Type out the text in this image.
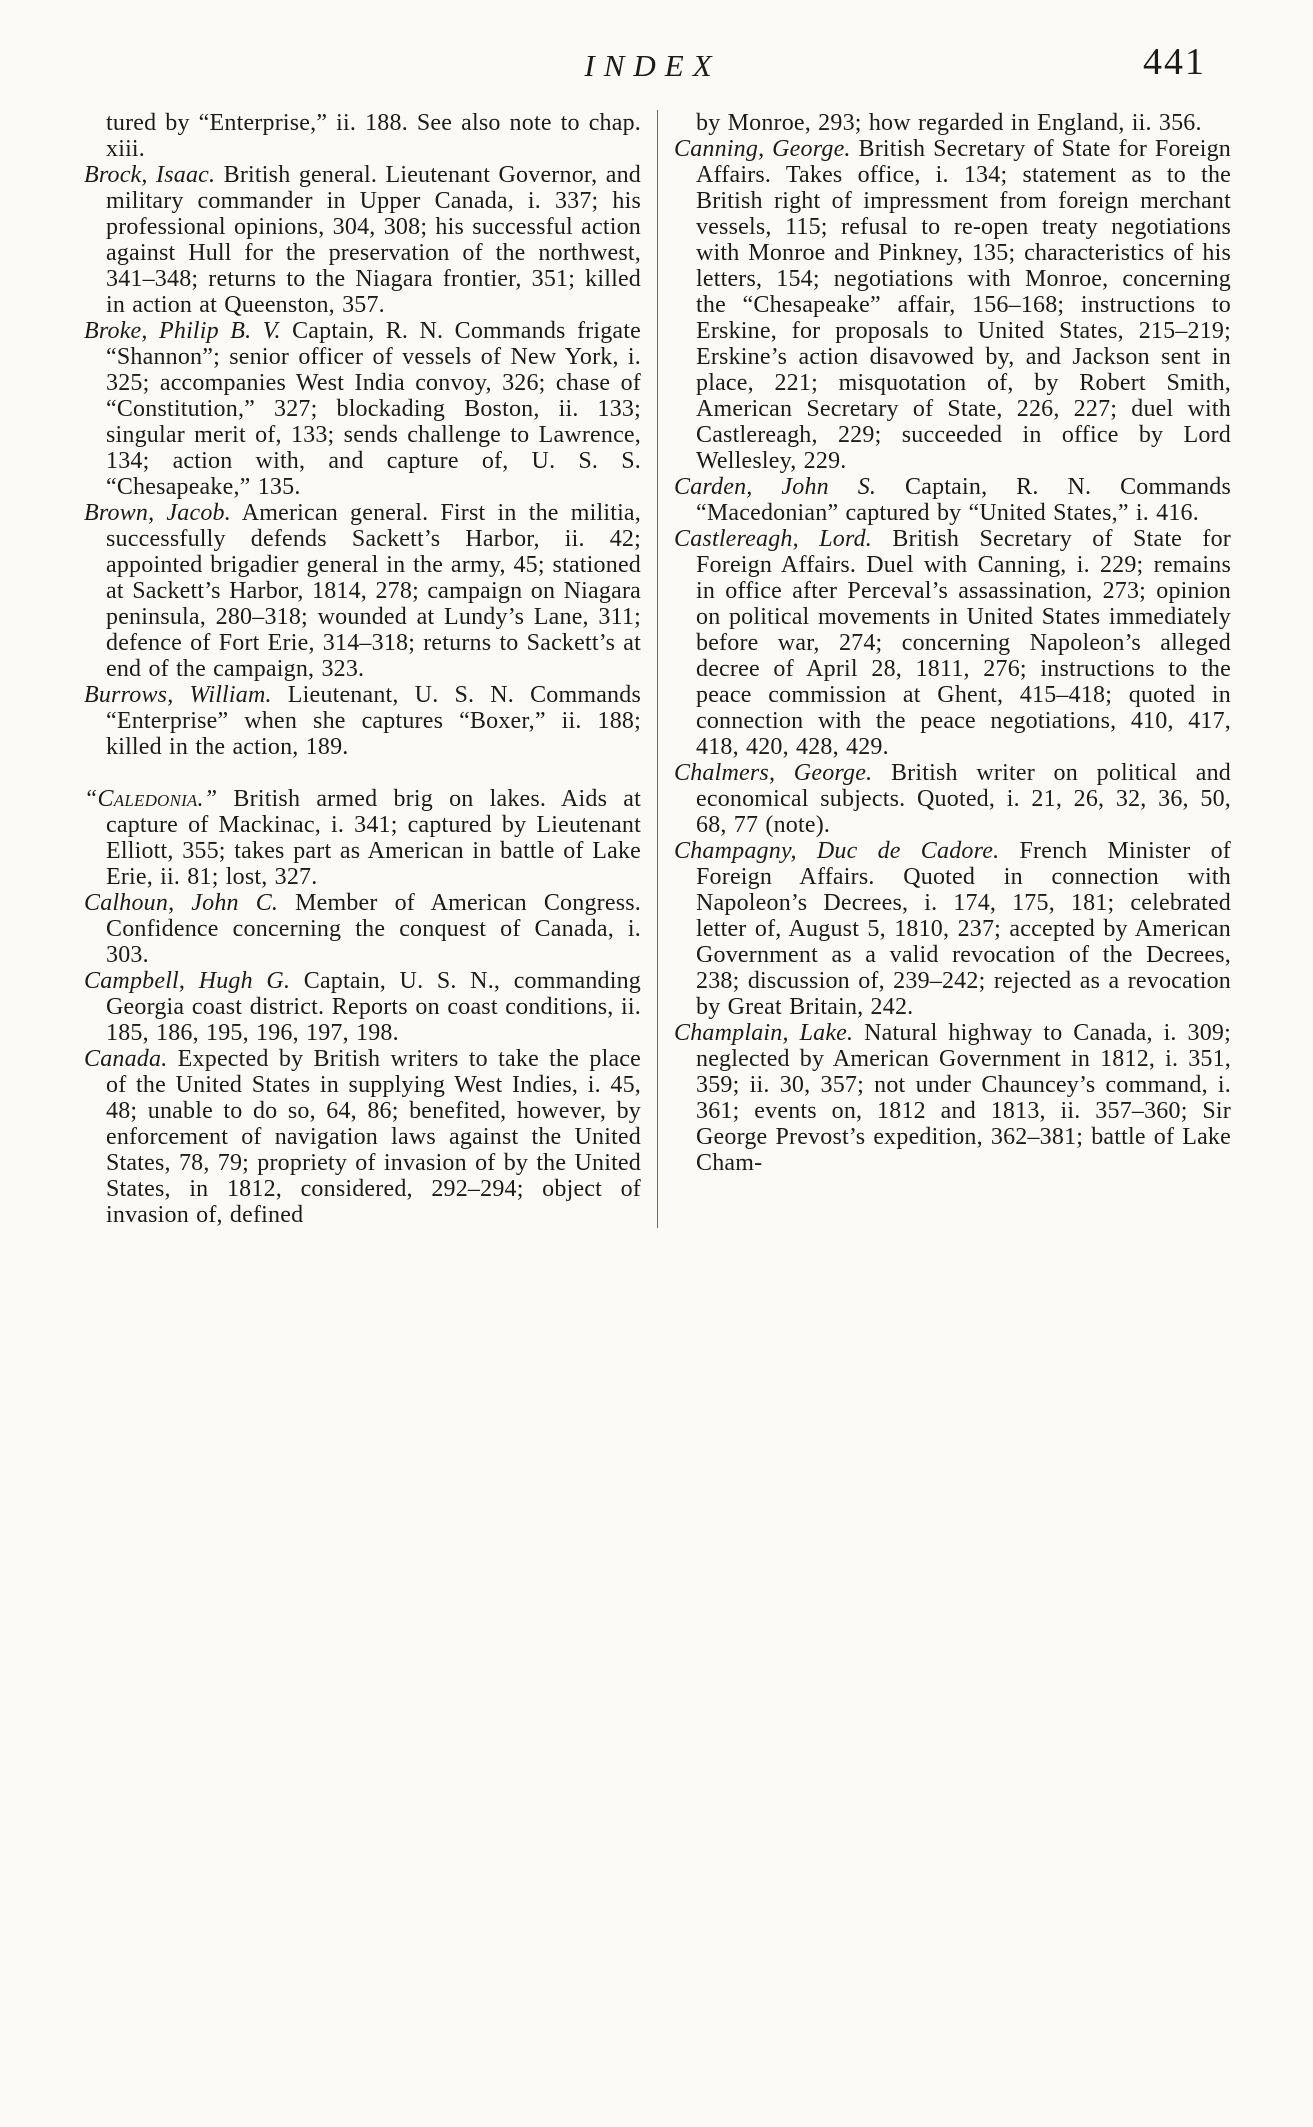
INDEX	441

tured by “Enterprise,” ii. 188. See also note to chap. xiii.

Brock, Isaac. British general. Lieutenant Governor, and military commander in Upper Canada, i. 337; his professional opinions, 304, 308; his successful action against Hull for the preservation of the northwest, 341–348; returns to the Niagara frontier, 351; killed in action at Queenston, 357.

Broke, Philip B. V. Captain, R. N. Commands frigate “Shannon”; senior officer of vessels of New York, i. 325; accompanies West India convoy, 326; chase of “Constitution,” 327; blockading Boston, ii. 133; singular merit of, 133; sends challenge to Lawrence, 134; action with, and capture of, U. S. S. “Chesapeake,” 135.

Brown, Jacob. American general. First in the militia, successfully defends Sackett’s Harbor, ii. 42; appointed brigadier general in the army, 45; stationed at Sackett’s Harbor, 1814, 278; campaign on Niagara peninsula, 280–318; wounded at Lundy’s Lane, 311; defence of Fort Erie, 314–318; returns to Sackett’s at end of the campaign, 323.

Burrows, William. Lieutenant, U. S. N. Commands “Enterprise” when she captures “Boxer,” ii. 188; killed in the action, 189.

“Caledonia.” British armed brig on lakes. Aids at capture of Mackinac, i. 341; captured by Lieutenant Elliott, 355; takes part as American in battle of Lake Erie, ii. 81; lost, 327.

Calhoun, John C. Member of American Congress. Confidence concerning the conquest of Canada, i. 303.

Campbell, Hugh G. Captain, U. S. N., commanding Georgia coast district. Reports on coast conditions, ii. 185, 186, 195, 196, 197, 198.

Canada. Expected by British writers to take the place of the United States in supplying West Indies, i. 45, 48; unable to do so, 64, 86; benefited, however, by enforcement of navigation laws against the United States, 78, 79; propriety of invasion of by the United States, in 1812, considered, 292–294; object of invasion of, defined

by Monroe, 293; how regarded in England, ii. 356.

Canning, George. British Secretary of State for Foreign Affairs. Takes office, i. 134; statement as to the British right of impressment from foreign merchant vessels, 115; refusal to re-open treaty negotiations with Monroe and Pinkney, 135; characteristics of his letters, 154; negotiations with Monroe, concerning the “Chesapeake” affair, 156–168; instructions to Erskine, for proposals to United States, 215–219; Erskine’s action disavowed by, and Jackson sent in place, 221; misquotation of, by Robert Smith, American Secretary of State, 226, 227; duel with Castlereagh, 229; succeeded in office by Lord Wellesley, 229.

Carden, John S. Captain, R. N. Commands “Macedonian” captured by “United States,” i. 416.

Castlereagh, Lord. British Secretary of State for Foreign Affairs. Duel with Canning, i. 229; remains in office after Perceval’s assassination, 273; opinion on political movements in United States immediately before war, 274; concerning Napoleon’s alleged decree of April 28, 1811, 276; instructions to the peace commission at Ghent, 415–418; quoted in connection with the peace negotiations, 410, 417, 418, 420, 428, 429.

Chalmers, George. British writer on political and economical subjects. Quoted, i. 21, 26, 32, 36, 50, 68, 77 (note).

Champagny, Duc de Cadore. French Minister of Foreign Affairs. Quoted in connection with Napoleon’s Decrees, i. 174, 175, 181; celebrated letter of, August 5, 1810, 237; accepted by American Government as a valid revocation of the Decrees, 238; discussion of, 239–242; rejected as a revocation by Great Britain, 242.

Champlain, Lake. Natural highway to Canada, i. 309; neglected by American Government in 1812, i. 351, 359; ii. 30, 357; not under Chauncey’s command, i. 361; events on, 1812 and 1813, ii. 357–360; Sir George Prevost’s expedition, 362–381; battle of Lake Cham-
